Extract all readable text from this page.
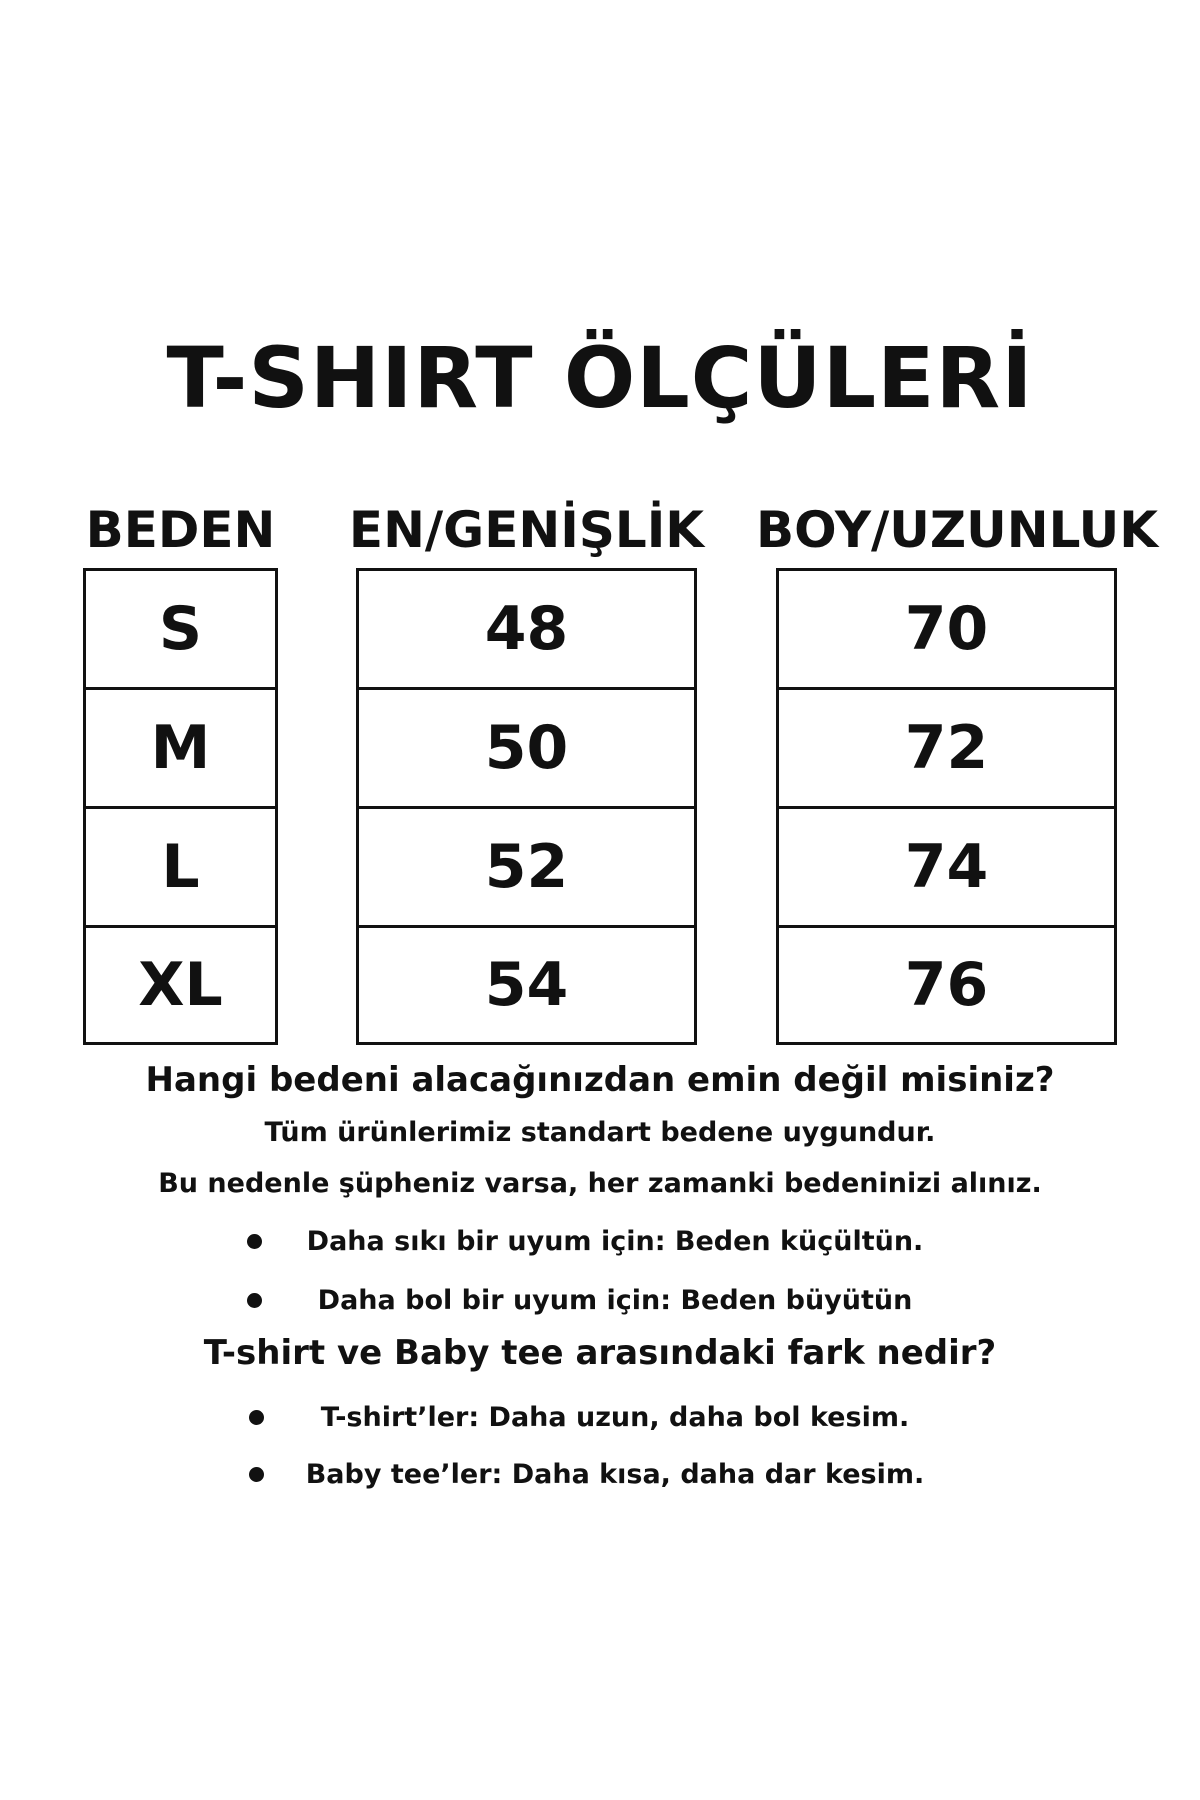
T-SHIRT ÖLÇÜLERİ
BEDEN
S
M
L
XL
EN/GENİŞLİK
48
50
52
54
BOY/UZUNLUK
70
72
74
76
Hangi bedeni alacağınızdan emin değil misiniz?
Tüm ürünlerimiz standart bedene uygundur.
Bu nedenle şüpheniz varsa, her zamanki bedeninizi alınız.
Daha sıkı bir uyum için: Beden küçültün.
Daha bol bir uyum için: Beden büyütün
T-shirt ve Baby tee arasındaki fark nedir?
T-shirt’ler: Daha uzun, daha bol kesim.
Baby tee’ler: Daha kısa, daha dar kesim.
